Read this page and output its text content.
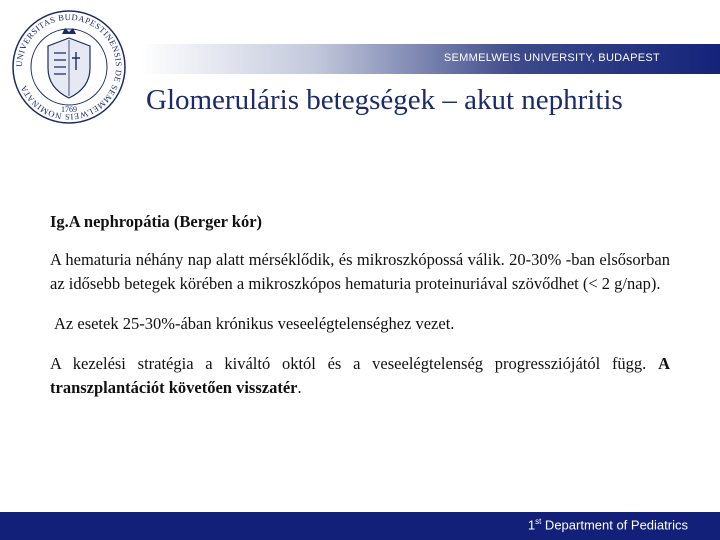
UNIVERSITAS BUDAPESTINENSIS DE SEMMELWEIS NOMINATA
1769
SEMMELWEIS UNIVERSITY, BUDAPEST
Glomeruláris betegségek – akut nephritis

Ig.A nephropátia (Berger kór)

A hematuria néhány nap alatt mérséklődik, és mikroszkópossá válik. 20-30% -ban elsősorban az idősebb betegek körében a mikroszkópos hematuria proteinuriával szövődhet (< 2 g/nap).

Az esetek 25-30%-ában krónikus veseelégtelenséghez vezet.

A kezelési stratégia a kiváltó októl és a veseelégtelenség progressziójától függ. A transzplantációt követően visszatér.

1st Department of Pediatrics
